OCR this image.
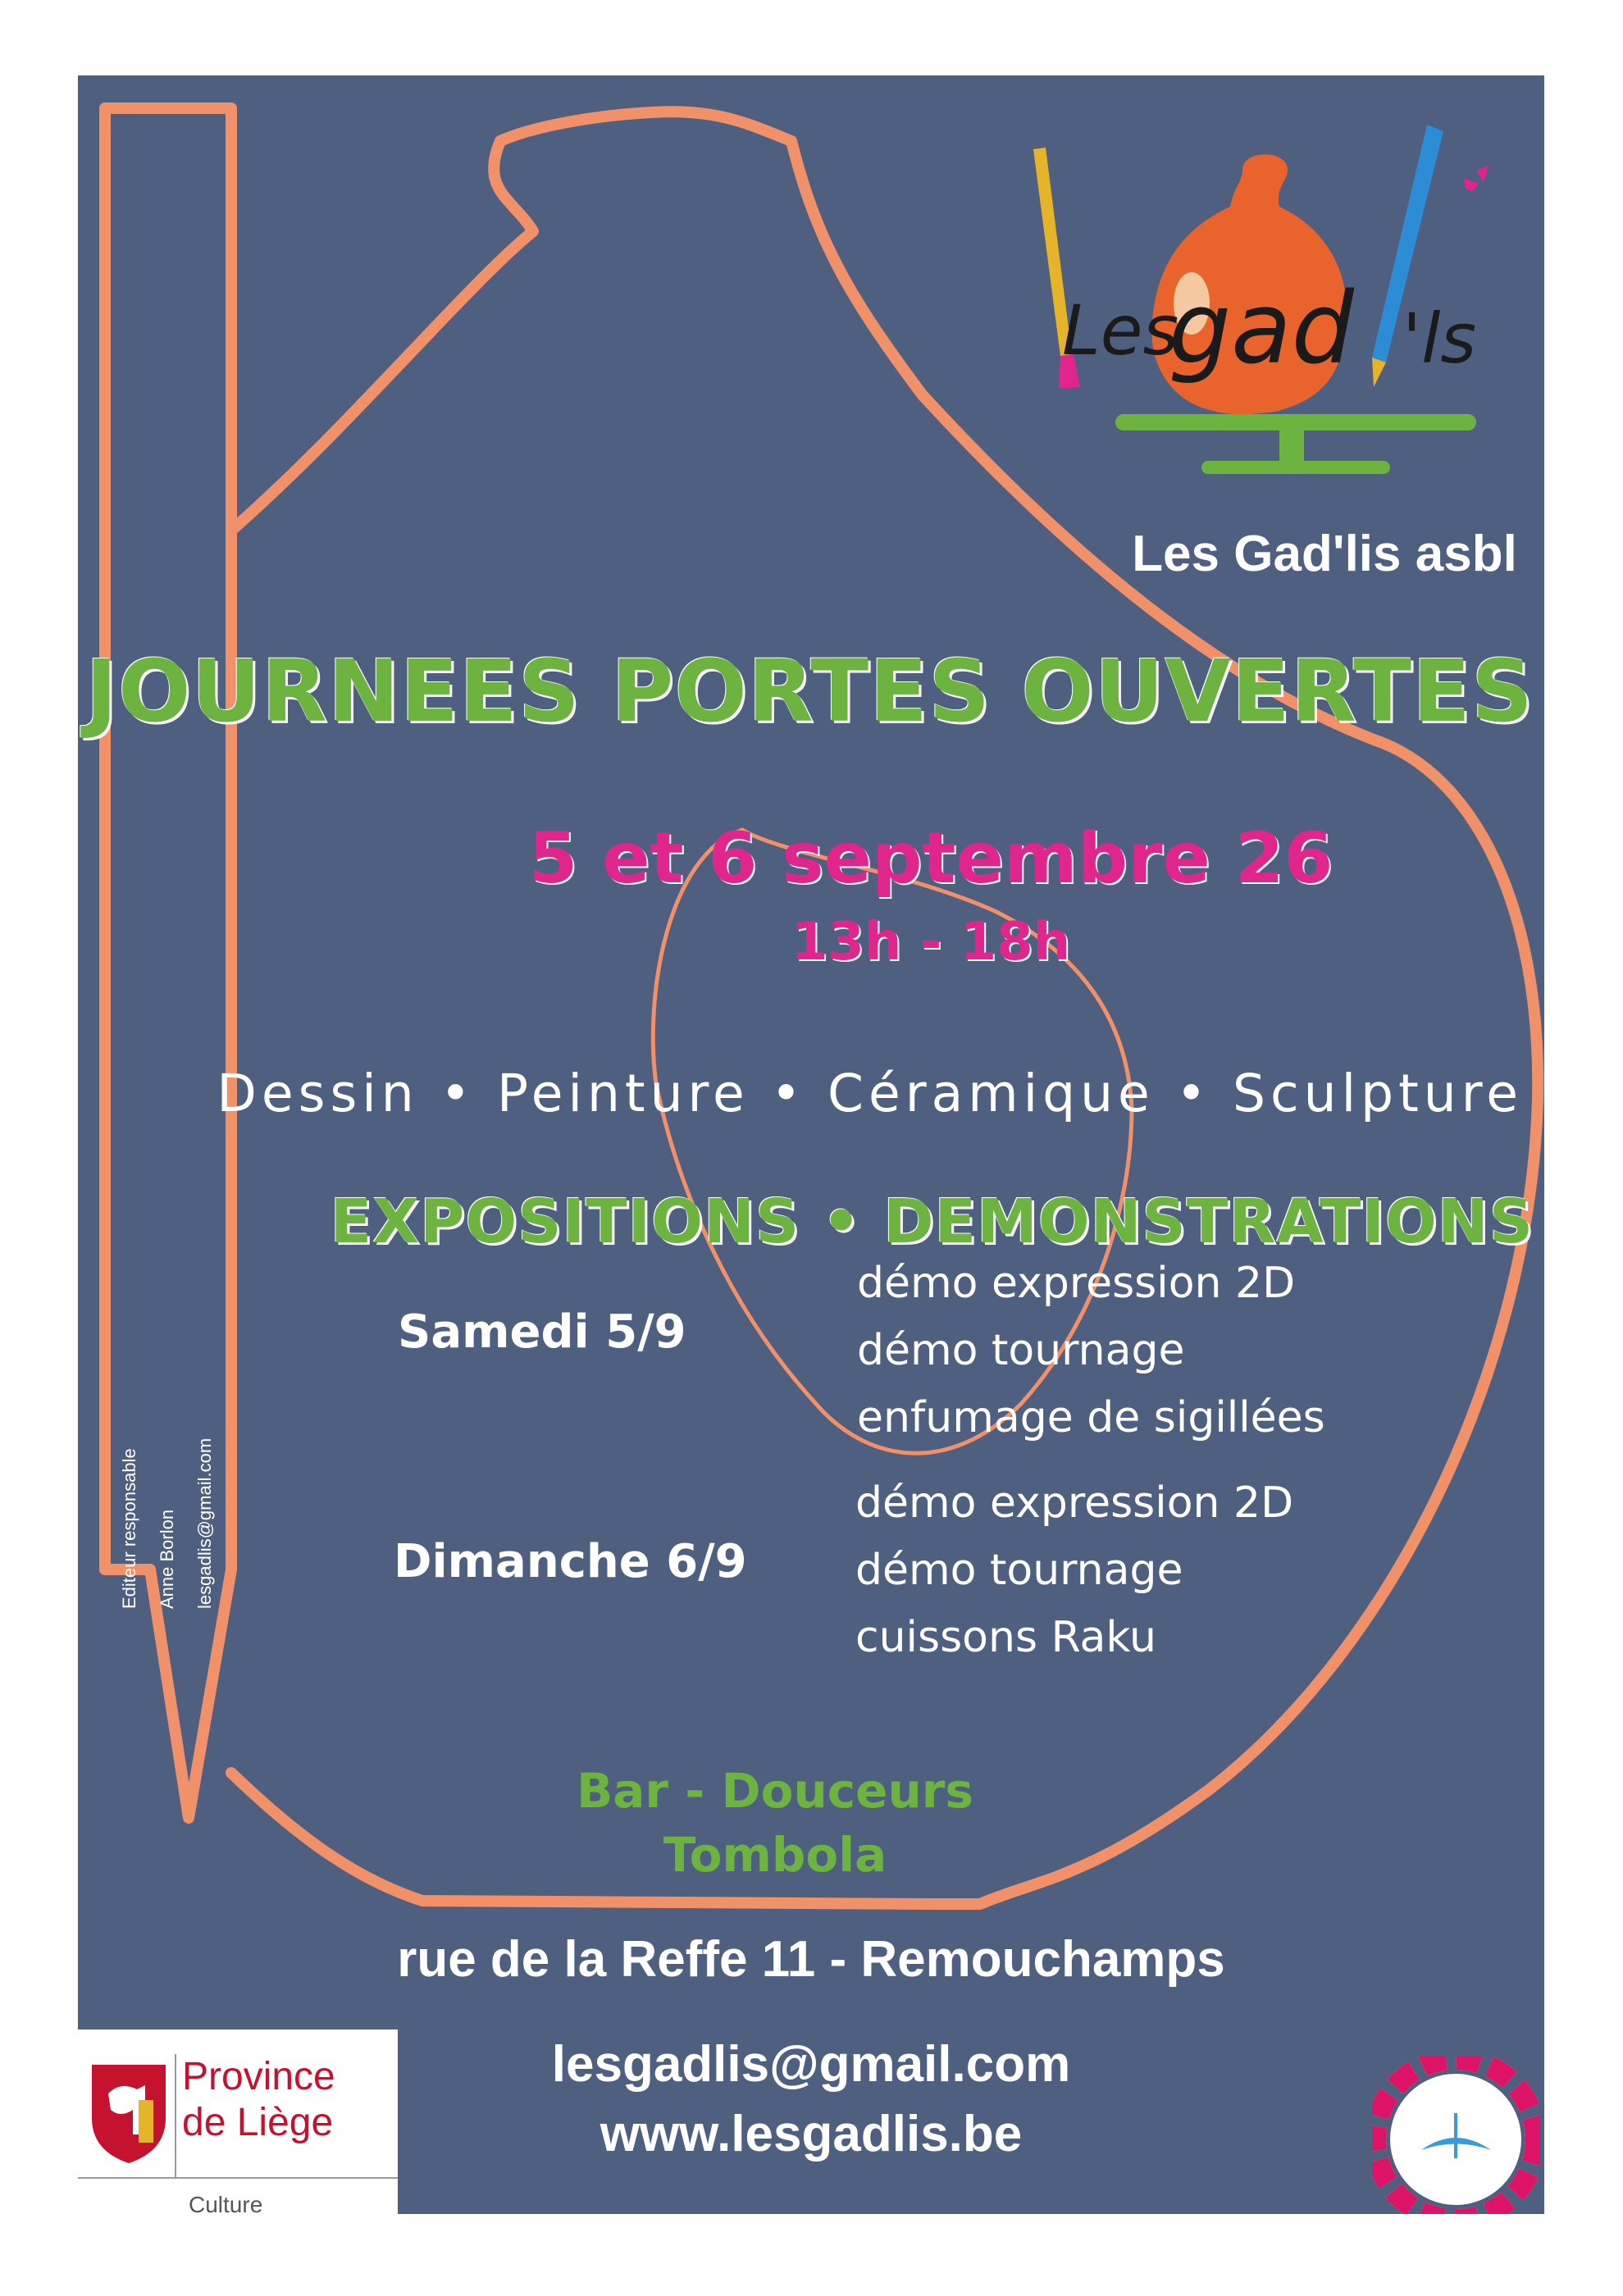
Les
gad 'ls
Les Gad'lis asbl
JOURNEES PORTES OUVERTES
5 et 6 septembre 26
13h - 18h
Dessin • Peinture • Céramique • Sculpture
EXPOSITIONS • DEMONSTRATIONS
Samedi 5/9
démo expression 2D
démo tournage
enfumage de sigillées
Dimanche 6/9
démo expression 2D
démo tournage
cuissons Raku
Bar - Douceurs
Tombola
rue de la Reffe 11 - Remouchamps
lesgadlis@gmail.com
www.lesgadlis.be
Editeur responsable Anne Borlon lesgadlis@gmail.com
Province
de Liège
Culture
